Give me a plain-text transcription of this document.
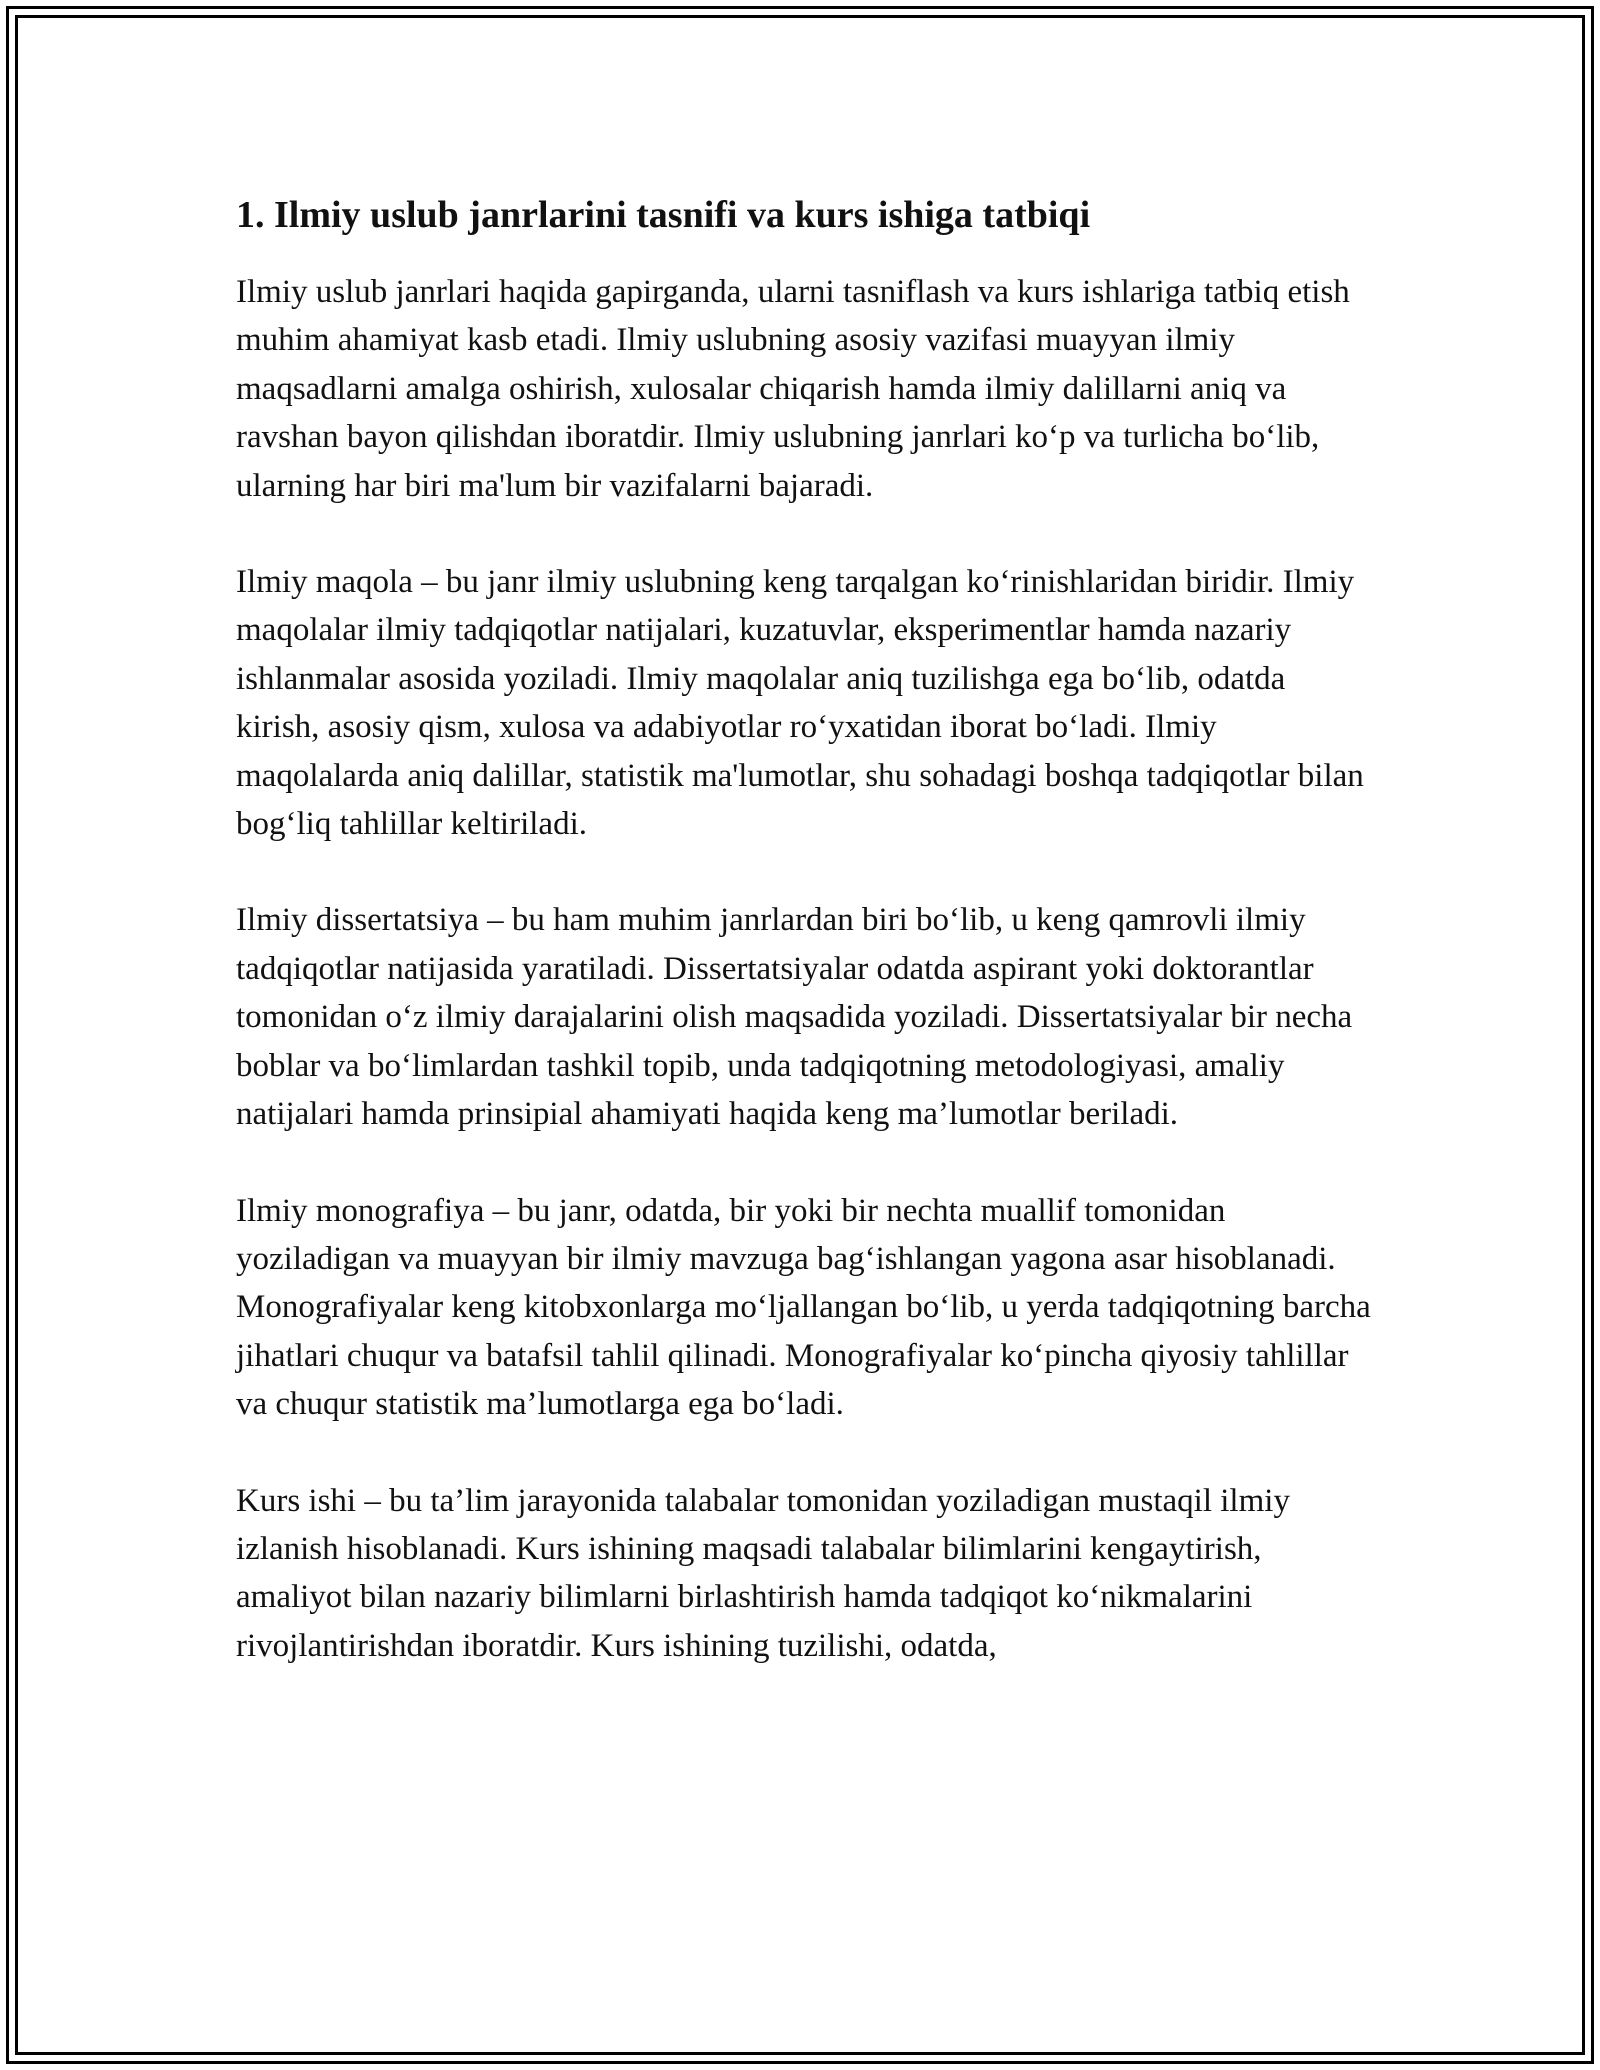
1. Ilmiy uslub janrlarini tasnifi va kurs ishiga tatbiqi

Ilmiy uslub janrlari haqida gapirganda, ularni tasniflash va kurs ishlariga tatbiq etish muhim ahamiyat kasb etadi. Ilmiy uslubning asosiy vazifasi muayyan ilmiy maqsadlarni amalga oshirish, xulosalar chiqarish hamda ilmiy dalillarni aniq va ravshan bayon qilishdan iboratdir. Ilmiy uslubning janrlari ko‘p va turlicha bo‘lib, ularning har biri ma'lum bir vazifalarni bajaradi.

Ilmiy maqola – bu janr ilmiy uslubning keng tarqalgan ko‘rinishlaridan biridir. Ilmiy maqolalar ilmiy tadqiqotlar natijalari, kuzatuvlar, eksperimentlar hamda nazariy ishlanmalar asosida yoziladi. Ilmiy maqolalar aniq tuzilishga ega bo‘lib, odatda kirish, asosiy qism, xulosa va adabiyotlar ro‘yxatidan iborat bo‘ladi. Ilmiy maqolalarda aniq dalillar, statistik ma'lumotlar, shu sohadagi boshqa tadqiqotlar bilan bog‘liq tahlillar keltiriladi.

Ilmiy dissertatsiya – bu ham muhim janrlardan biri bo‘lib, u keng qamrovli ilmiy tadqiqotlar natijasida yaratiladi. Dissertatsiyalar odatda aspirant yoki doktorantlar tomonidan o‘z ilmiy darajalarini olish maqsadida yoziladi. Dissertatsiyalar bir necha boblar va bo‘limlardan tashkil topib, unda tadqiqotning metodologiyasi, amaliy natijalari hamda prinsipial ahamiyati haqida keng ma’lumotlar beriladi.

Ilmiy monografiya – bu janr, odatda, bir yoki bir nechta muallif tomonidan yoziladigan va muayyan bir ilmiy mavzuga bag‘ishlangan yagona asar hisoblanadi. Monografiyalar keng kitobxonlarga mo‘ljallangan bo‘lib, u yerda tadqiqotning barcha jihatlari chuqur va batafsil tahlil qilinadi. Monografiyalar ko‘pincha qiyosiy tahlillar va chuqur statistik ma’lumotlarga ega bo‘ladi.

Kurs ishi – bu ta’lim jarayonida talabalar tomonidan yoziladigan mustaqil ilmiy izlanish hisoblanadi. Kurs ishining maqsadi talabalar bilimlarini kengaytirish, amaliyot bilan nazariy bilimlarni birlashtirish hamda tadqiqot ko‘nikmalarini rivojlantirishdan iboratdir. Kurs ishining tuzilishi, odatda,
